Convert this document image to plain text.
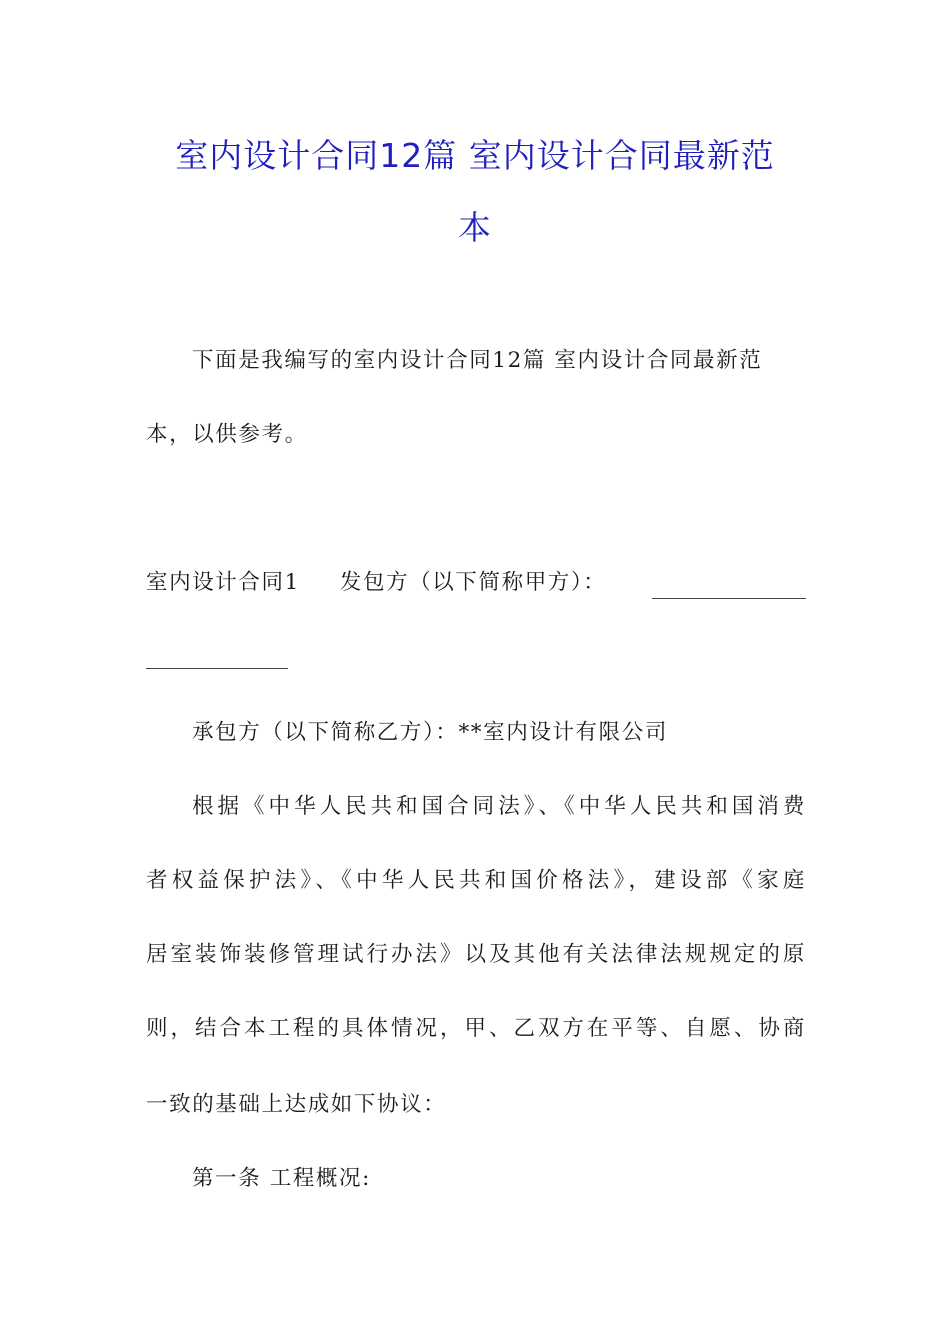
室内设计合同12篇 室内设计合同最新范
本

下面是我编写的室内设计合同12篇 室内设计合同最新范

本，以供参考。

室内设计合同1 发包方（以下简称甲方）：

承包方（以下简称乙方）：**室内设计有限公司

根据《中华人民共和国合同法》、《中华人民共和国消费

者权益保护法》、《中华人民共和国价格法》，建设部《家庭

居室装饰装修管理试行办法》以及其他有关法律法规规定的原

则，结合本工程的具体情况，甲、乙双方在平等、自愿、协商

一致的基础上达成如下协议：

第一条 工程概况:
